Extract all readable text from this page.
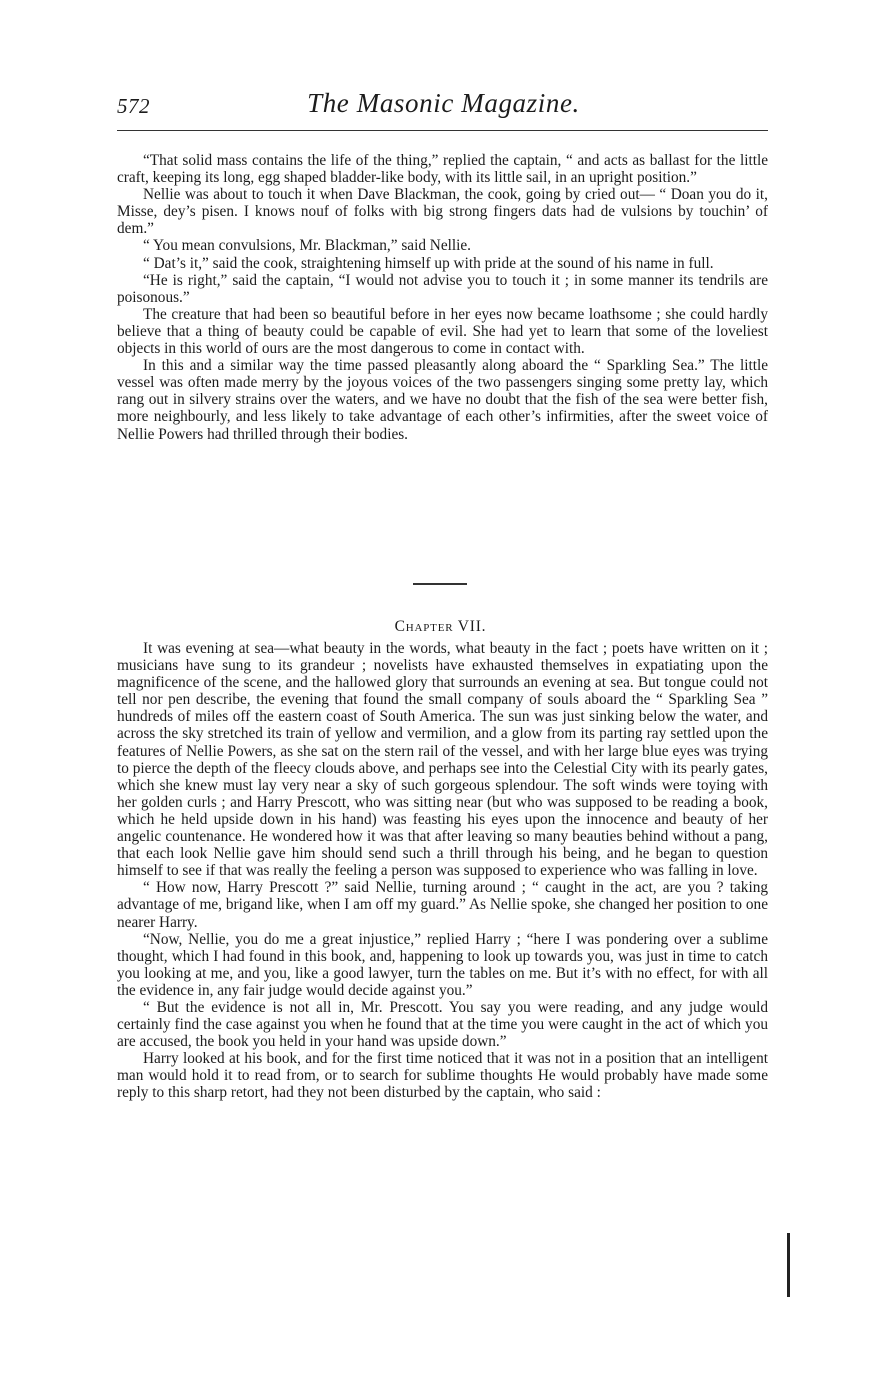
572	The Masonic Magazine.

“That solid mass contains the life of the thing,” replied the captain, “ and acts as ballast for the little craft, keeping its long, egg shaped bladder-like body, with its little sail, in an upright position.”

Nellie was about to touch it when Dave Blackman, the cook, going by cried out— “ Doan you do it, Misse, dey’s pisen. I knows nouf of folks with big strong fingers dats had de vulsions by touchin’ of dem.”

“ You mean convulsions, Mr. Blackman,” said Nellie.

“ Dat’s it,” said the cook, straightening himself up with pride at the sound of his name in full.

“He is right,” said the captain, “I would not advise you to touch it ; in some manner its tendrils are poisonous.”

The creature that had been so beautiful before in her eyes now became loathsome ; she could hardly believe that a thing of beauty could be capable of evil. She had yet to learn that some of the loveliest objects in this world of ours are the most dangerous to come in contact with.

In this and a similar way the time passed pleasantly along aboard the “ Sparkling Sea.” The little vessel was often made merry by the joyous voices of the two passengers singing some pretty lay, which rang out in silvery strains over the waters, and we have no doubt that the fish of the sea were better fish, more neighbourly, and less likely to take advantage of each other’s infirmities, after the sweet voice of Nellie Powers had thrilled through their bodies.

Chapter VII.

It was evening at sea—what beauty in the words, what beauty in the fact ; poets have written on it ; musicians have sung to its grandeur ; novelists have exhausted themselves in expatiating upon the magnificence of the scene, and the hallowed glory that surrounds an evening at sea. But tongue could not tell nor pen describe, the evening that found the small company of souls aboard the “ Sparkling Sea ” hundreds of miles off the eastern coast of South America. The sun was just sinking below the water, and across the sky stretched its train of yellow and vermilion, and a glow from its parting ray settled upon the features of Nellie Powers, as she sat on the stern rail of the vessel, and with her large blue eyes was trying to pierce the depth of the fleecy clouds above, and perhaps see into the Celestial City with its pearly gates, which she knew must lay very near a sky of such gorgeous splendour. The soft winds were toying with her golden curls ; and Harry Prescott, who was sitting near (but who was supposed to be reading a book, which he held upside down in his hand) was feasting his eyes upon the innocence and beauty of her angelic countenance. He wondered how it was that after leaving so many beauties behind without a pang, that each look Nellie gave him should send such a thrill through his being, and he began to question himself to see if that was really the feeling a person was supposed to experience who was falling in love.

“ How now, Harry Prescott ?” said Nellie, turning around ; “ caught in the act, are you ? taking advantage of me, brigand like, when I am off my guard.” As Nellie spoke, she changed her position to one nearer Harry.

“Now, Nellie, you do me a great injustice,” replied Harry ; “here I was pondering over a sublime thought, which I had found in this book, and, happening to look up towards you, was just in time to catch you looking at me, and you, like a good lawyer, turn the tables on me. But it’s with no effect, for with all the evidence in, any fair judge would decide against you.”

“ But the evidence is not all in, Mr. Prescott. You say you were reading, and any judge would certainly find the case against you when he found that at the time you were caught in the act of which you are accused, the book you held in your hand was upside down.”

Harry looked at his book, and for the first time noticed that it was not in a position that an intelligent man would hold it to read from, or to search for sublime thoughts He would probably have made some reply to this sharp retort, had they not been disturbed by the captain, who said :
